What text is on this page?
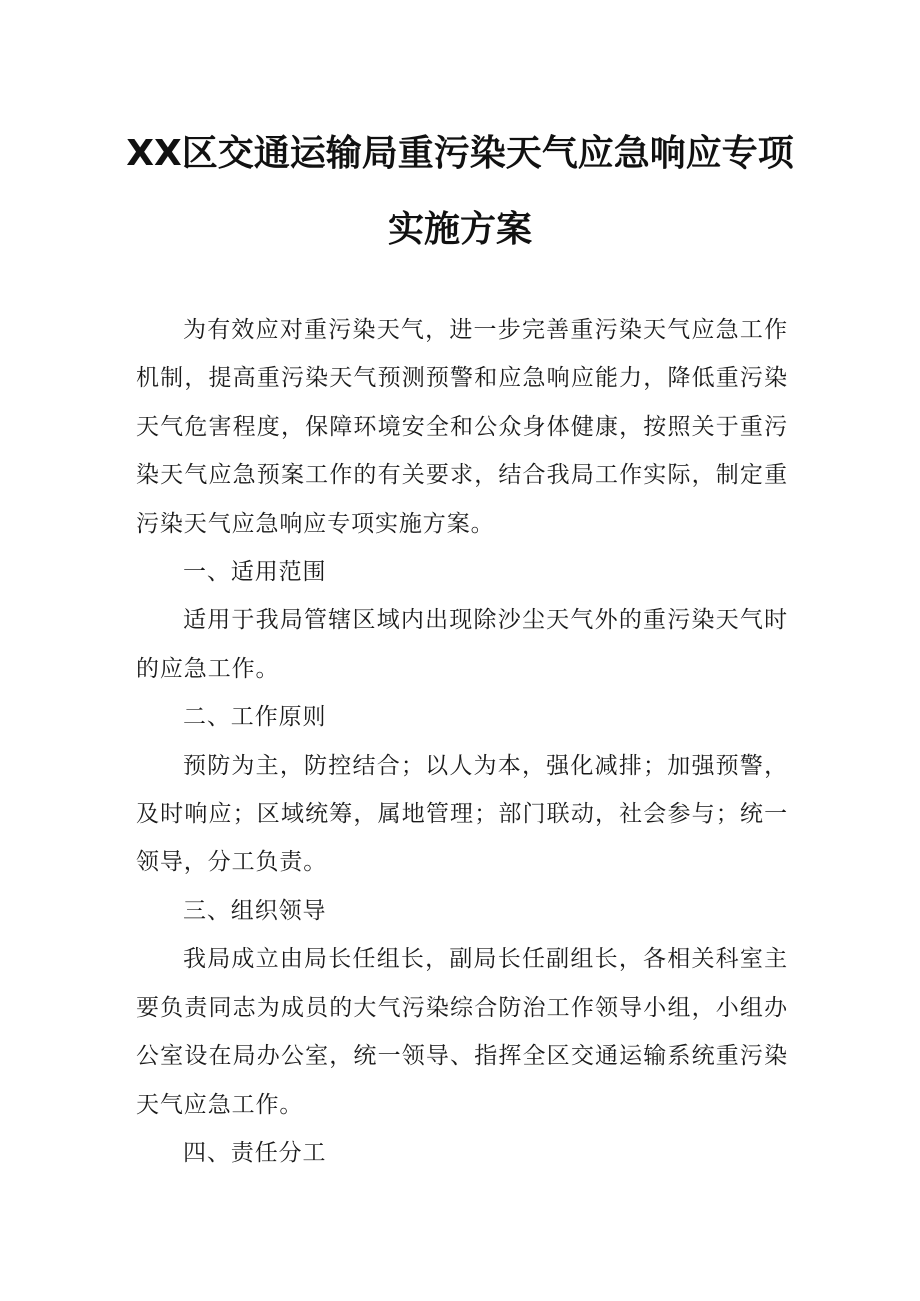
XX区交通运输局重污染天气应急响应专项
实施方案

为有效应对重污染天气，进一步完善重污染天气应急工作机制，提高重污染天气预测预警和应急响应能力，降低重污染天气危害程度，保障环境安全和公众身体健康，按照关于重污染天气应急预案工作的有关要求，结合我局工作实际，制定重污染天气应急响应专项实施方案。

一、适用范围

适用于我局管辖区域内出现除沙尘天气外的重污染天气时的应急工作。

二、工作原则

预防为主，防控结合；以人为本，强化减排；加强预警，及时响应；区域统筹，属地管理；部门联动，社会参与；统一领导，分工负责。

三、组织领导

我局成立由局长任组长，副局长任副组长，各相关科室主要负责同志为成员的大气污染综合防治工作领导小组，小组办公室设在局办公室，统一领导、指挥全区交通运输系统重污染天气应急工作。

四、责任分工
